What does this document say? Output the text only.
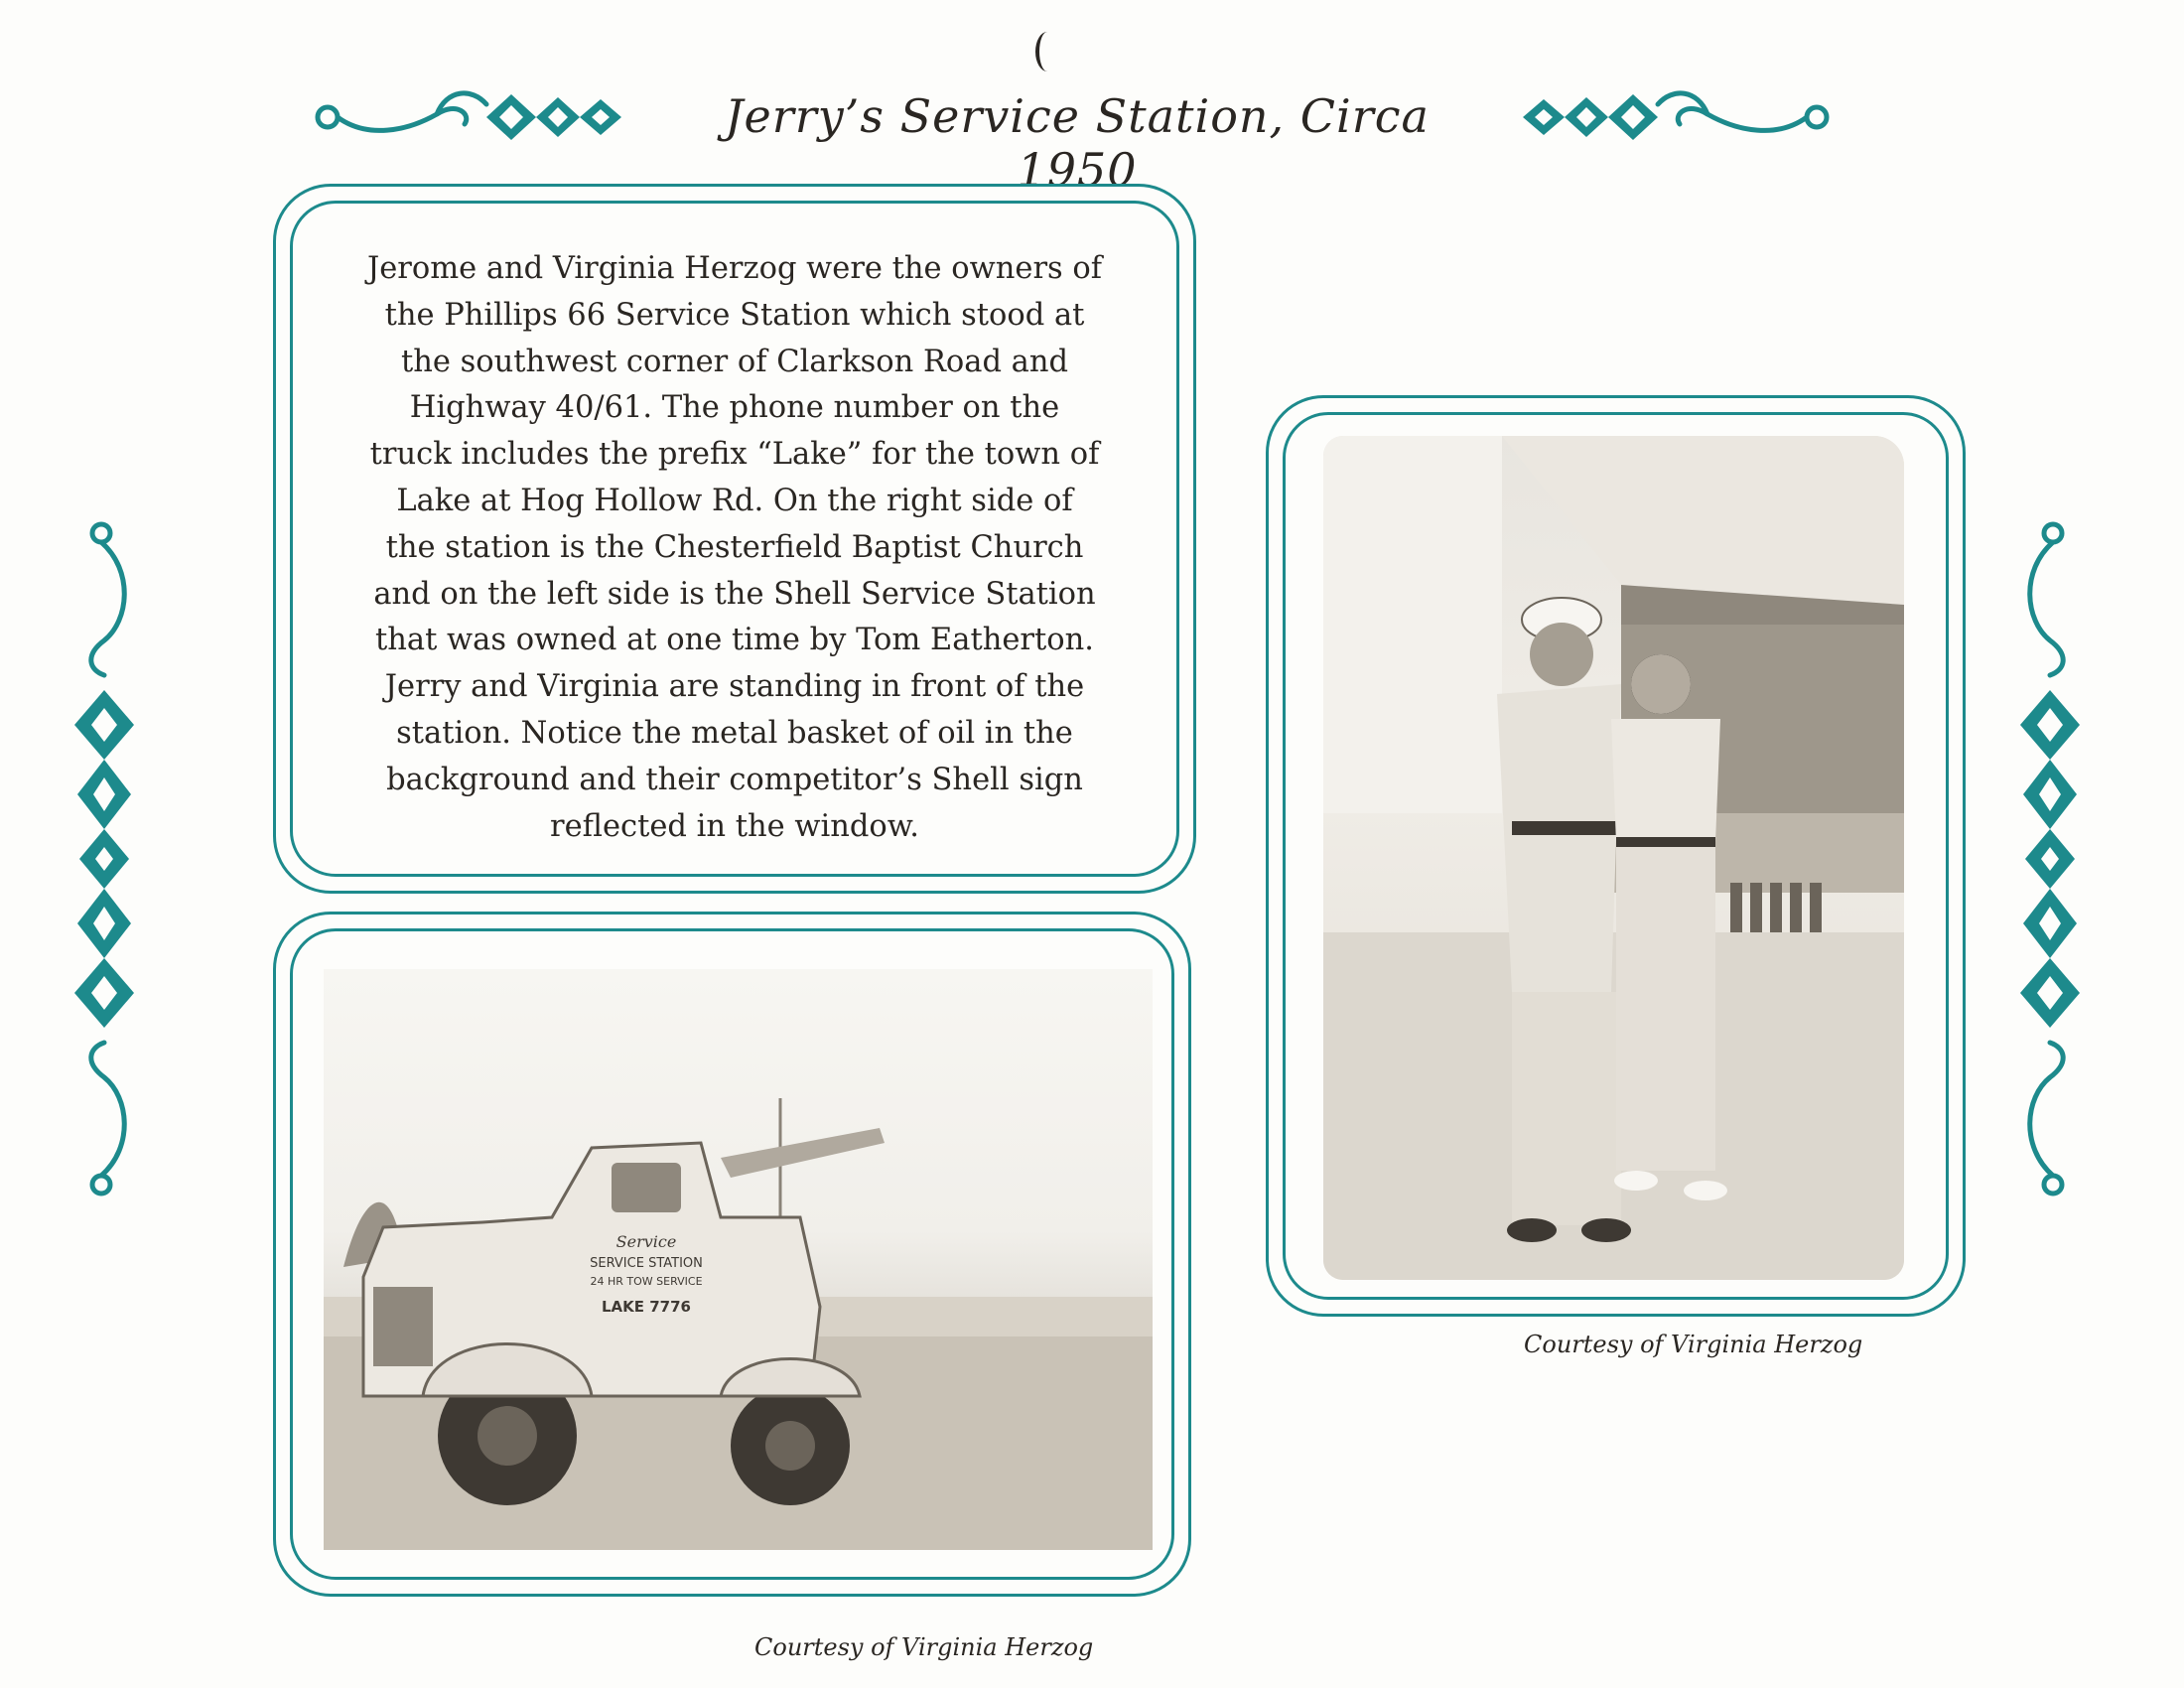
Jerry’s Service Station, Circa 1950
Jerome and Virginia Herzog were the owners of
the Phillips 66 Service Station which stood at
the southwest corner of Clarkson Road and
Highway 40/61. The phone number on the
truck includes the prefix “Lake” for the town of
Lake at Hog Hollow Rd. On the right side of
the station is the Chesterfield Baptist Church
and on the left side is the Shell Service Station
that was owned at one time by Tom Eatherton.
Jerry and Virginia are standing in front of the
station. Notice the metal basket of oil in the
background and their competitor’s Shell sign
reflected in the window.
Service
SERVICE STATION
24 HR TOW SERVICE
LAKE 7776
Courtesy of Virginia Herzog
Courtesy of Virginia Herzog
